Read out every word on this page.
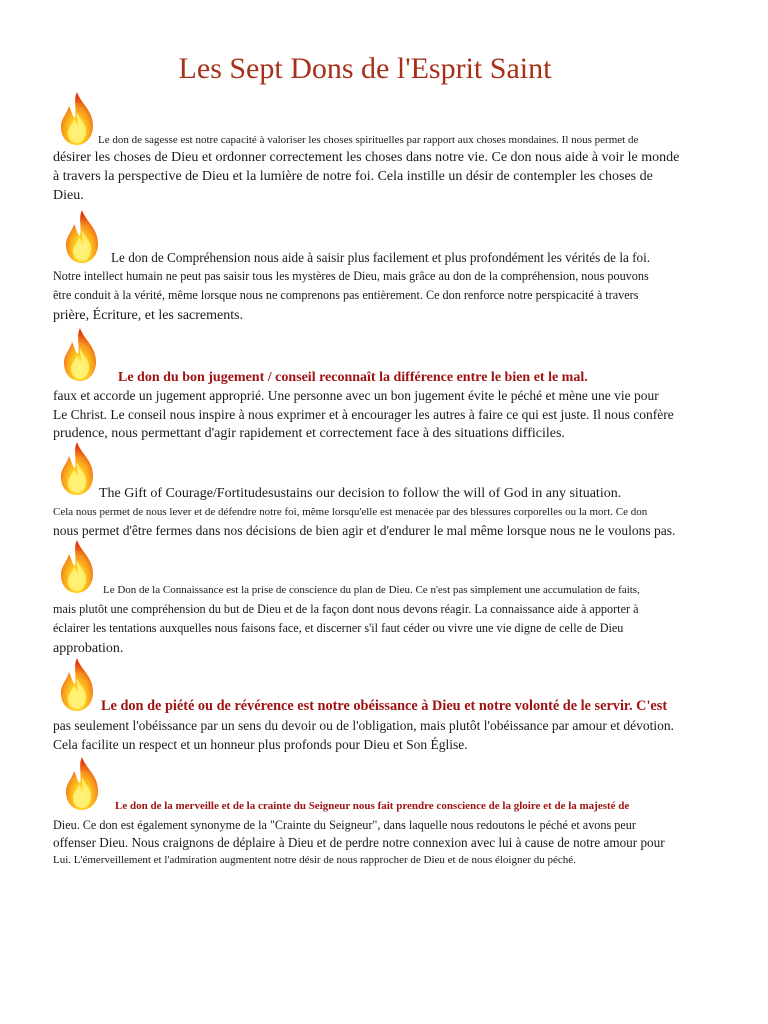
Les Sept Dons de l'Esprit Saint
Le don de sagesse est notre capacité à valoriser les choses spirituelles par rapport aux choses mondaines. Il nous permet de
désirer les choses de Dieu et ordonner correctement les choses dans notre vie. Ce don nous aide à voir le monde
à travers la perspective de Dieu et la lumière de notre foi. Cela instille un désir de contempler les choses de
Dieu.
Le don de Compréhension nous aide à saisir plus facilement et plus profondément les vérités de la foi.
Notre intellect humain ne peut pas saisir tous les mystères de Dieu, mais grâce au don de la compréhension, nous pouvons
être conduit à la vérité, même lorsque nous ne comprenons pas entièrement. Ce don renforce notre perspicacité à travers
prière, Écriture, et les sacrements.
Le don du bon jugement / conseil reconnaît la différence entre le bien et le mal.
faux et accorde un jugement approprié. Une personne avec un bon jugement évite le péché et mène une vie pour
Le Christ. Le conseil nous inspire à nous exprimer et à encourager les autres à faire ce qui est juste. Il nous confère
prudence, nous permettant d'agir rapidement et correctement face à des situations difficiles.
The Gift of Courage/Fortitudesustains our decision to follow the will of God in any situation.
Cela nous permet de nous lever et de défendre notre foi, même lorsqu'elle est menacée par des blessures corporelles ou la mort. Ce don
nous permet d'être fermes dans nos décisions de bien agir et d'endurer le mal même lorsque nous ne le voulons pas.
Le Don de la Connaissance est la prise de conscience du plan de Dieu. Ce n'est pas simplement une accumulation de faits,
mais plutôt une compréhension du but de Dieu et de la façon dont nous devons réagir. La connaissance aide à apporter à
éclairer les tentations auxquelles nous faisons face, et discerner s'il faut céder ou vivre une vie digne de celle de Dieu
approbation.
Le don de piété ou de révérence est notre obéissance à Dieu et notre volonté de le servir. C'est
pas seulement l'obéissance par un sens du devoir ou de l'obligation, mais plutôt l'obéissance par amour et dévotion.
Cela facilite un respect et un honneur plus profonds pour Dieu et Son Église.
Le don de la merveille et de la crainte du Seigneur nous fait prendre conscience de la gloire et de la majesté de
Dieu. Ce don est également synonyme de la "Crainte du Seigneur", dans laquelle nous redoutons le péché et avons peur
offenser Dieu. Nous craignons de déplaire à Dieu et de perdre notre connexion avec lui à cause de notre amour pour
Lui. L'émerveillement et l'admiration augmentent notre désir de nous rapprocher de Dieu et de nous éloigner du péché.
